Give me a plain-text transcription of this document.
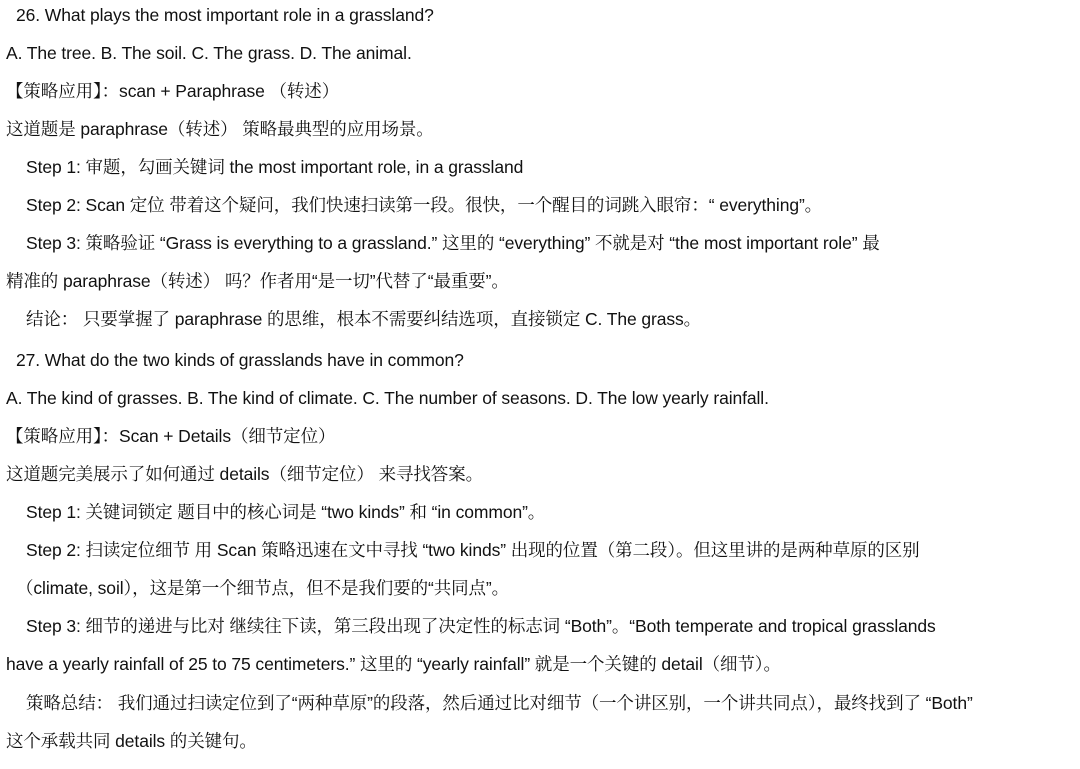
26. What plays the most important role in a grassland?
A. The tree. B. The soil. C. The grass. D. The animal.
【策略应用】：scan + Paraphrase （转述）
这道题是 paraphrase（转述） 策略最典型的应用场景。
Step 1: 审题，勾画关键词 the most important role, in a grassland
Step 2: Scan 定位 带着这个疑问，我们快速扫读第一段。很快，一个醒目的词跳入眼帘：“ everything”。
Step 3: 策略验证 “Grass is everything to a grassland.” 这里的 “everything” 不就是对 “the most important role” 最
精准的 paraphrase（转述） 吗？作者用“是一切”代替了“最重要”。
结论： 只要掌握了 paraphrase 的思维，根本不需要纠结选项，直接锁定 C. The grass。
27. What do the two kinds of grasslands have in common?
A. The kind of grasses. B. The kind of climate. C. The number of seasons. D. The low yearly rainfall.
【策略应用】：Scan + Details（细节定位）
这道题完美展示了如何通过 details（细节定位） 来寻找答案。
Step 1: 关键词锁定 题目中的核心词是 “two kinds” 和 “in common”。
Step 2: 扫读定位细节 用 Scan 策略迅速在文中寻找 “two kinds” 出现的位置（第二段）。但这里讲的是两种草原的区别
（climate, soil），这是第一个细节点，但不是我们要的“共同点”。
Step 3: 细节的递进与比对 继续往下读，第三段出现了决定性的标志词 “Both”。“Both temperate and tropical grasslands
have a yearly rainfall of 25 to 75 centimeters.” 这里的 “yearly rainfall” 就是一个关键的 detail（细节）。
策略总结： 我们通过扫读定位到了“两种草原”的段落，然后通过比对细节（一个讲区别，一个讲共同点），最终找到了 “Both”
这个承载共同 details 的关键句。
